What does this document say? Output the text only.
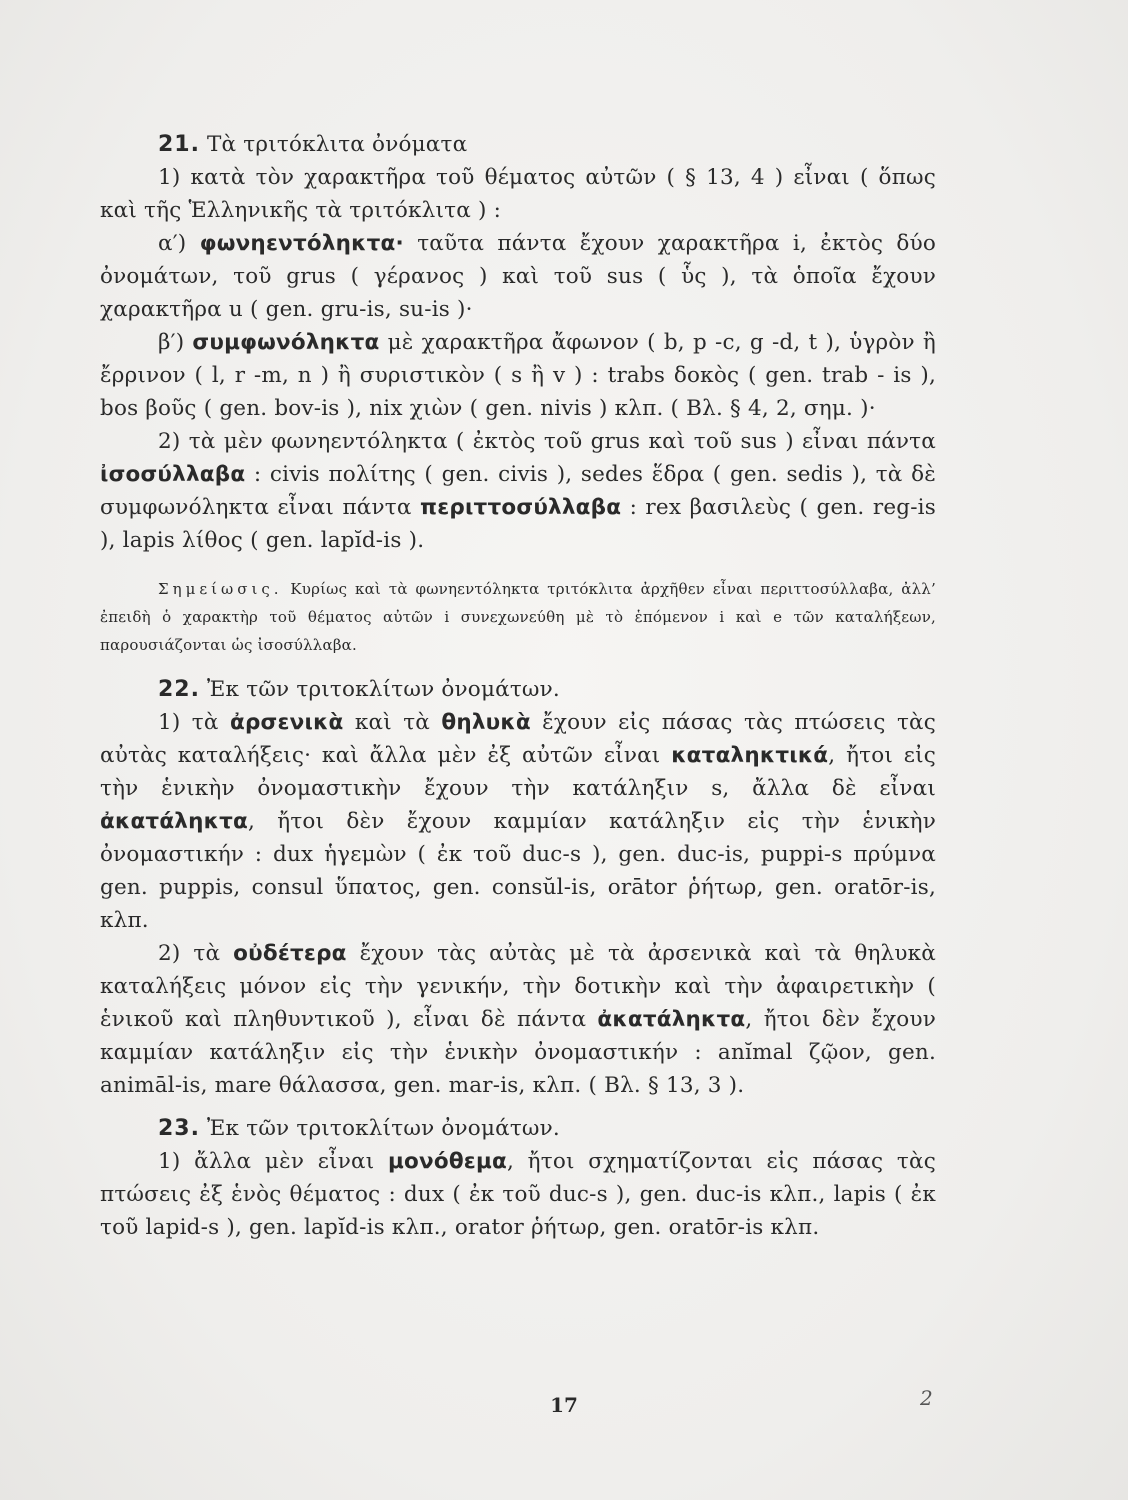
21. Τὰ τριτόκλιτα ὀνόματα

1) κατὰ τὸν χαρακτῆρα τοῦ θέματος αὐτῶν ( § 13, 4 ) εἶναι ( ὅπως καὶ τῆς Ἑλληνικῆς τὰ τριτόκλιτα ) :

α′) φωνηεντόληκτα· ταῦτα πάντα ἔχουν χαρακτῆρα i, ἐκτὸς δύο ὀνομάτων, τοῦ grus ( γέρανος ) καὶ τοῦ sus ( ὗς ), τὰ ὁποῖα ἔχουν χαρακτῆρα u ( gen. gru-is, su-is )·

β′) συμφωνόληκτα μὲ χαρακτῆρα ἄφωνον ( b, p -c, g -d, t ), ὑγρὸν ἢ ἔρρινον ( l, r -m, n ) ἢ συριστικὸν ( s ἢ v ) : trabs δοκὸς ( gen. trab - is ), bos βοῦς ( gen. bov-is ), nix χιὼν ( gen. nivis ) κλπ. ( Βλ. § 4, 2, σημ. )·

2) τὰ μὲν φωνηεντόληκτα ( ἐκτὸς τοῦ grus καὶ τοῦ sus ) εἶναι πάντα ἰσοσύλλαβα : civis πολίτης ( gen. civis ), sedes ἕδρα ( gen. sedis ), τὰ δὲ συμφωνόληκτα εἶναι πάντα περιττοσύλλαβα : rex βασιλεὺς ( gen. reg-is ), lapis λίθος ( gen. lapĭd-is ).

Σημείωσις. Κυρίως καὶ τὰ φωνηεντόληκτα τριτόκλιτα ἀρχῆθεν εἶναι περιττοσύλλαβα, ἀλλ’ ἐπειδὴ ὁ χαρακτὴρ τοῦ θέματος αὐτῶν i συνεχωνεύθη μὲ τὸ ἑπόμενον i καὶ e τῶν καταλήξεων, παρουσιάζονται ὡς ἰσοσύλλαβα.

22. Ἐκ τῶν τριτοκλίτων ὀνομάτων.

1) τὰ ἀρσενικὰ καὶ τὰ θηλυκὰ ἔχουν εἰς πάσας τὰς πτώσεις τὰς αὐτὰς καταλήξεις· καὶ ἄλλα μὲν ἐξ αὐτῶν εἶναι καταληκτικά, ἤτοι εἰς τὴν ἑνικὴν ὀνομαστικὴν ἔχουν τὴν κατάληξιν s, ἄλλα δὲ εἶναι ἀκατάληκτα, ἤτοι δὲν ἔχουν καμμίαν κατάληξιν εἰς τὴν ἑνικὴν ὀνομαστικήν : dux ἡγεμὼν ( ἐκ τοῦ duc-s ), gen. duc-is, puppi-s πρύμνα gen. puppis, consul ὕπατος, gen. consŭl-is, orātor ῥήτωρ, gen. oratōr-is, κλπ.

2) τὰ οὐδέτερα ἔχουν τὰς αὐτὰς μὲ τὰ ἀρσενικὰ καὶ τὰ θηλυκὰ καταλήξεις μόνον εἰς τὴν γενικήν, τὴν δοτικὴν καὶ τὴν ἀφαιρετικὴν ( ἑνικοῦ καὶ πληθυντικοῦ ), εἶναι δὲ πάντα ἀκατάληκτα, ἤτοι δὲν ἔχουν καμμίαν κατάληξιν εἰς τὴν ἑνικὴν ὀνομαστικήν : anĭmal ζῷον, gen. animāl-is, mare θάλασσα, gen. mar-is, κλπ. ( Βλ. § 13, 3 ).

23. Ἐκ τῶν τριτοκλίτων ὀνομάτων.

1) ἄλλα μὲν εἶναι μονόθεμα, ἤτοι σχηματίζονται εἰς πάσας τὰς πτώσεις ἐξ ἑνὸς θέματος : dux ( ἐκ τοῦ duc-s ), gen. duc-is κλπ., lapis ( ἐκ τοῦ lapid-s ), gen. lapĭd-is κλπ., orator ῥήτωρ, gen. oratōr-is κλπ.

17	2
